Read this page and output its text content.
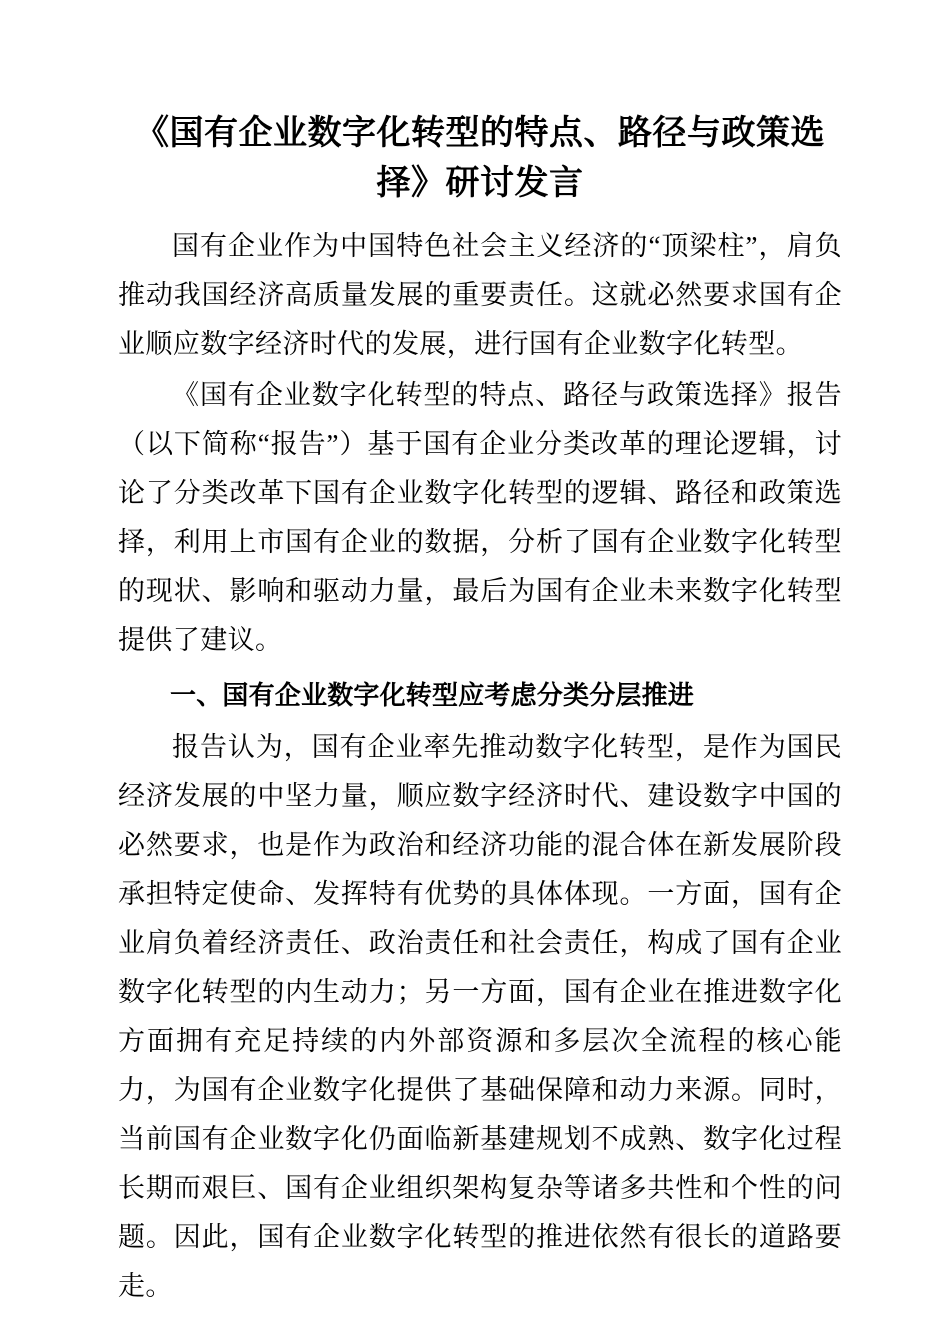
《国有企业数字化转型的特点、路径与政策选择》研讨发言

国有企业作为中国特色社会主义经济的“顶梁柱”，肩负推动我国经济高质量发展的重要责任。这就必然要求国有企业顺应数字经济时代的发展，进行国有企业数字化转型。

《国有企业数字化转型的特点、路径与政策选择》报告（以下简称“报告”）基于国有企业分类改革的理论逻辑，讨论了分类改革下国有企业数字化转型的逻辑、路径和政策选择，利用上市国有企业的数据，分析了国有企业数字化转型的现状、影响和驱动力量，最后为国有企业未来数字化转型提供了建议。

一、国有企业数字化转型应考虑分类分层推进

报告认为，国有企业率先推动数字化转型，是作为国民经济发展的中坚力量，顺应数字经济时代、建设数字中国的必然要求，也是作为政治和经济功能的混合体在新发展阶段承担特定使命、发挥特有优势的具体体现。一方面，国有企业肩负着经济责任、政治责任和社会责任，构成了国有企业数字化转型的内生动力；另一方面，国有企业在推进数字化方面拥有充足持续的内外部资源和多层次全流程的核心能力，为国有企业数字化提供了基础保障和动力来源。同时，当前国有企业数字化仍面临新基建规划不成熟、数字化过程长期而艰巨、国有企业组织架构复杂等诸多共性和个性的问题。因此，国有企业数字化转型的推进依然有很长的道路要走。
